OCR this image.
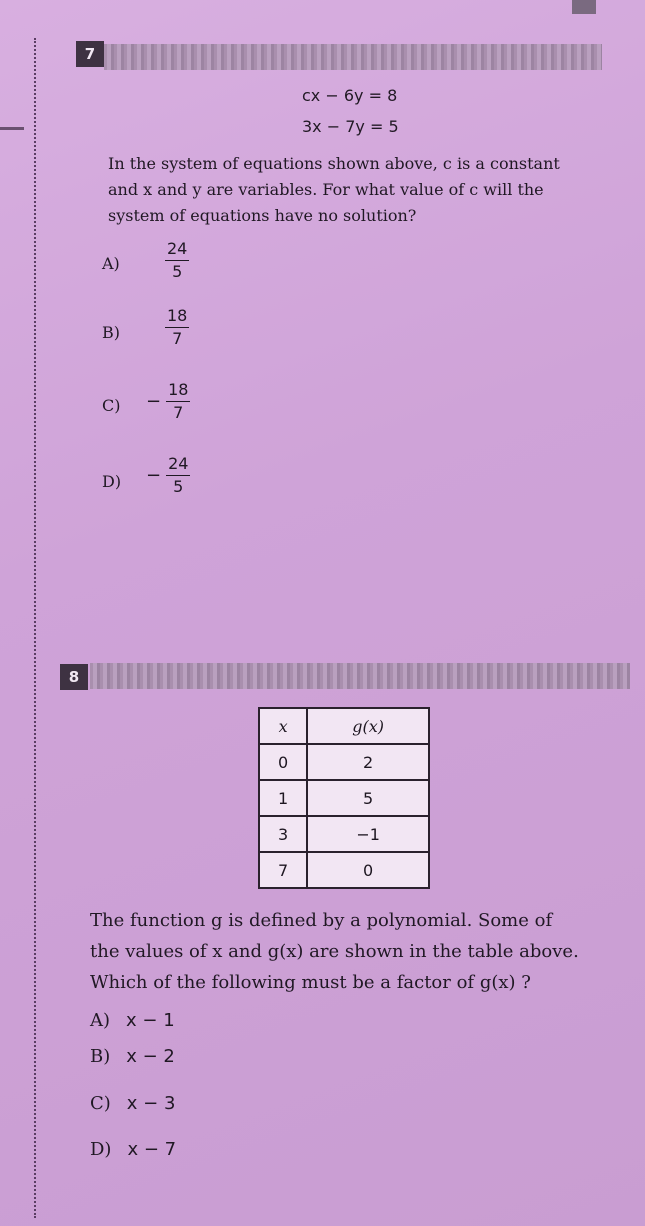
7
cx − 6y = 8
3x − 7y = 5
In the system of equations shown above, c is a constant and x and y are variables. For what value of c will the system of equations have no solution?
A)	$\frac{24}{5}$
B)	$\frac{18}{7}$
$C) - \frac{18}{7}$
$D) - \frac{24}{5}$
8
x	g(x)
0	2
1	5
3	−1
7	0
The function g is defined by a polynomial. Some of
the values of x and g(x) are shown in the table above.
Which of the following must be a factor of g(x) ?
A) x − 1
B) x − 2
C) x − 3
D) x − 7
